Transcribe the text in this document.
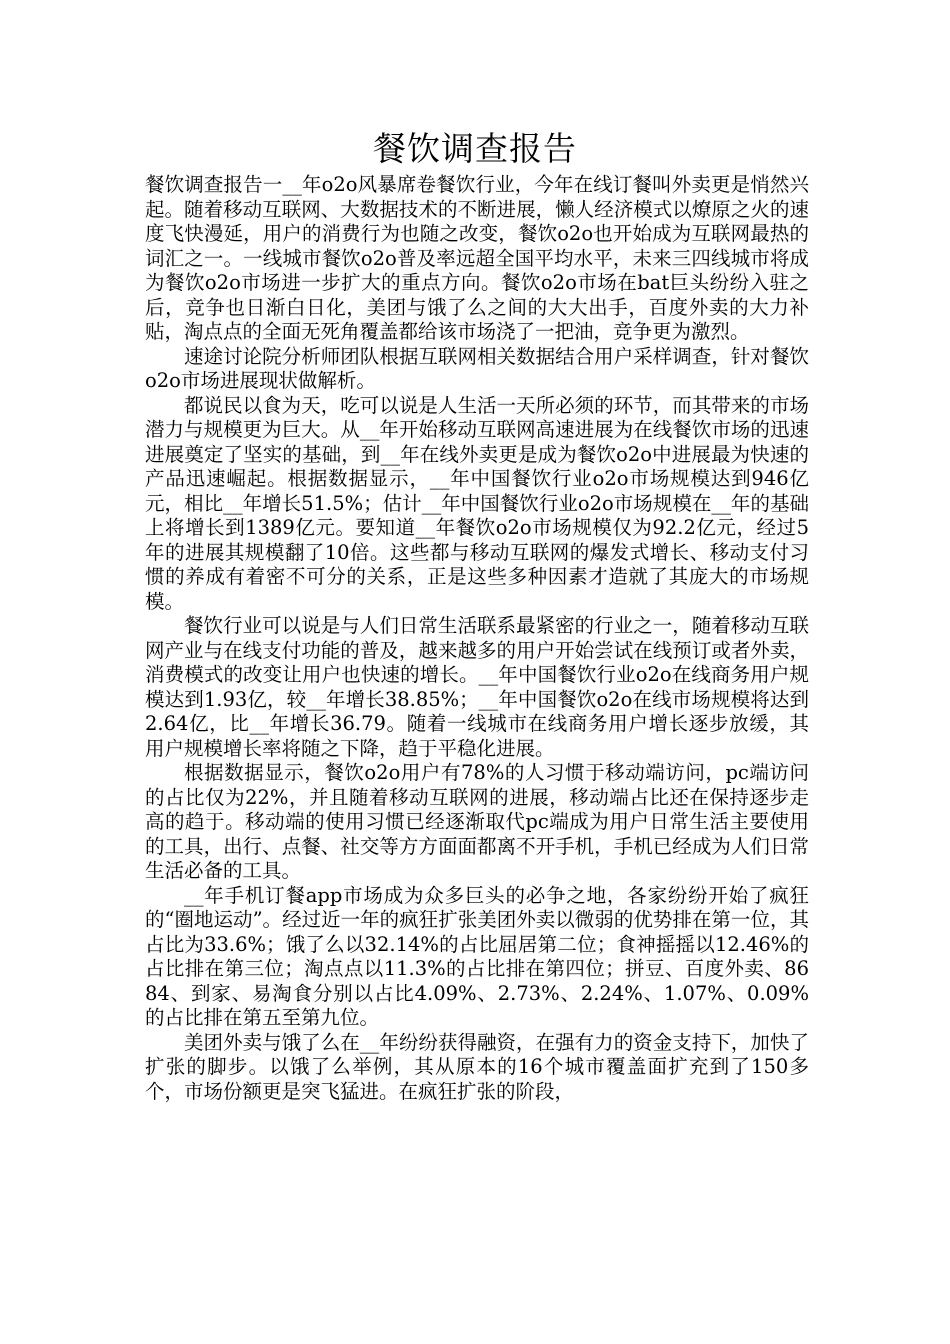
餐饮调查报告

餐饮调查报告一__年o2o风暴席卷餐饮行业，今年在线订餐叫外卖更是悄然兴起。随着移动互联网、大数据技术的不断进展，懒人经济模式以燎原之火的速度飞快漫延，用户的消费行为也随之改变，餐饮o2o也开始成为互联网最热的词汇之一。一线城市餐饮o2o普及率远超全国平均水平，未来三四线城市将成为餐饮o2o市场进一步扩大的重点方向。餐饮o2o市场在bat巨头纷纷入驻之后，竞争也日渐白日化，美团与饿了么之间的大大出手，百度外卖的大力补贴，淘点点的全面无死角覆盖都给该市场浇了一把油，竞争更为激烈。

速途讨论院分析师团队根据互联网相关数据结合用户采样调查，针对餐饮o2o市场进展现状做解析。

都说民以食为天，吃可以说是人生活一天所必须的环节，而其带来的市场潜力与规模更为巨大。从__年开始移动互联网高速进展为在线餐饮市场的迅速进展奠定了坚实的基础，到__年在线外卖更是成为餐饮o2o中进展最为快速的产品迅速崛起。根据数据显示，__年中国餐饮行业o2o市场规模达到946亿元，相比__年增长51.5%；估计__年中国餐饮行业o2o市场规模在__年的基础上将增长到1389亿元。要知道__年餐饮o2o市场规模仅为92.2亿元，经过5年的进展其规模翻了10倍。这些都与移动互联网的爆发式增长、移动支付习惯的养成有着密不可分的关系，正是这些多种因素才造就了其庞大的市场规模。

餐饮行业可以说是与人们日常生活联系最紧密的行业之一，随着移动互联网产业与在线支付功能的普及，越来越多的用户开始尝试在线预订或者外卖，消费模式的改变让用户也快速的增长。__年中国餐饮行业o2o在线商务用户规模达到1.93亿，较__年增长38.85%；__年中国餐饮o2o在线市场规模将达到2.64亿，比__年增长36.79。随着一线城市在线商务用户增长逐步放缓，其用户规模增长率将随之下降，趋于平稳化进展。

根据数据显示，餐饮o2o用户有78%的人习惯于移动端访问，pc端访问的占比仅为22%，并且随着移动互联网的进展，移动端占比还在保持逐步走高的趋于。移动端的使用习惯已经逐渐取代pc端成为用户日常生活主要使用的工具，出行、点餐、社交等方方面面都离不开手机，手机已经成为人们日常生活必备的工具。

__年手机订餐app市场成为众多巨头的必争之地，各家纷纷开始了疯狂的“圈地运动”。经过近一年的疯狂扩张美团外卖以微弱的优势排在第一位，其占比为33.6%；饿了么以32.14%的占比屈居第二位；食神摇摇以12.46%的占比排在第三位；淘点点以11.3%的占比排在第四位；拼豆、百度外卖、8684、到家、易淘食分别以占比4.09%、2.73%、2.24%、1.07%、0.09%的占比排在第五至第九位。

美团外卖与饿了么在__年纷纷获得融资，在强有力的资金支持下，加快了扩张的脚步。以饿了么举例，其从原本的16个城市覆盖面扩充到了150多个，市场份额更是突飞猛进。在疯狂扩张的阶段，
